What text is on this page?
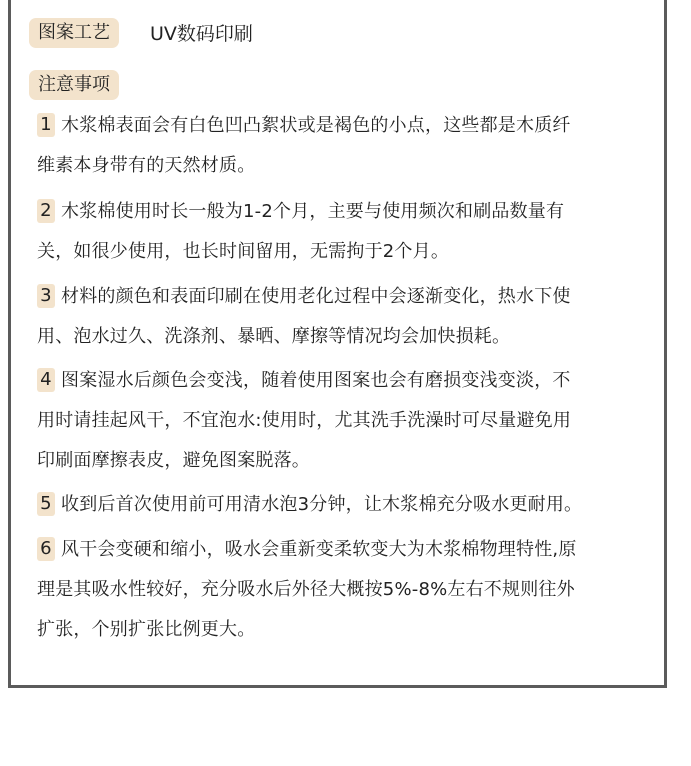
图案工艺	UV数码印刷
注意事项
1 木浆棉表面会有白色凹凸絮状或是褐色的小点，这些都是木质纤
维素本身带有的天然材质。
2 木浆棉使用时长一般为1-2个月，主要与使用频次和刷品数量有
关，如很少使用，也长时间留用，无需拘于2个月。
3 材料的颜色和表面印刷在使用老化过程中会逐渐变化，热水下使
用、泡水过久、洗涤剂、暴晒、摩擦等情况均会加快损耗。
4 图案湿水后颜色会变浅，随着使用图案也会有磨损变浅变淡，不
用时请挂起风干，不宜泡水:使用时，尤其洗手洗澡时可尽量避免用
印刷面摩擦表皮，避免图案脱落。
5 收到后首次使用前可用清水泡3分钟，让木浆棉充分吸水更耐用。
6 风干会变硬和缩小，吸水会重新变柔软变大为木浆棉物理特性,原
理是其吸水性较好，充分吸水后外径大概按5%-8%左右不规则往外
扩张，个别扩张比例更大。
